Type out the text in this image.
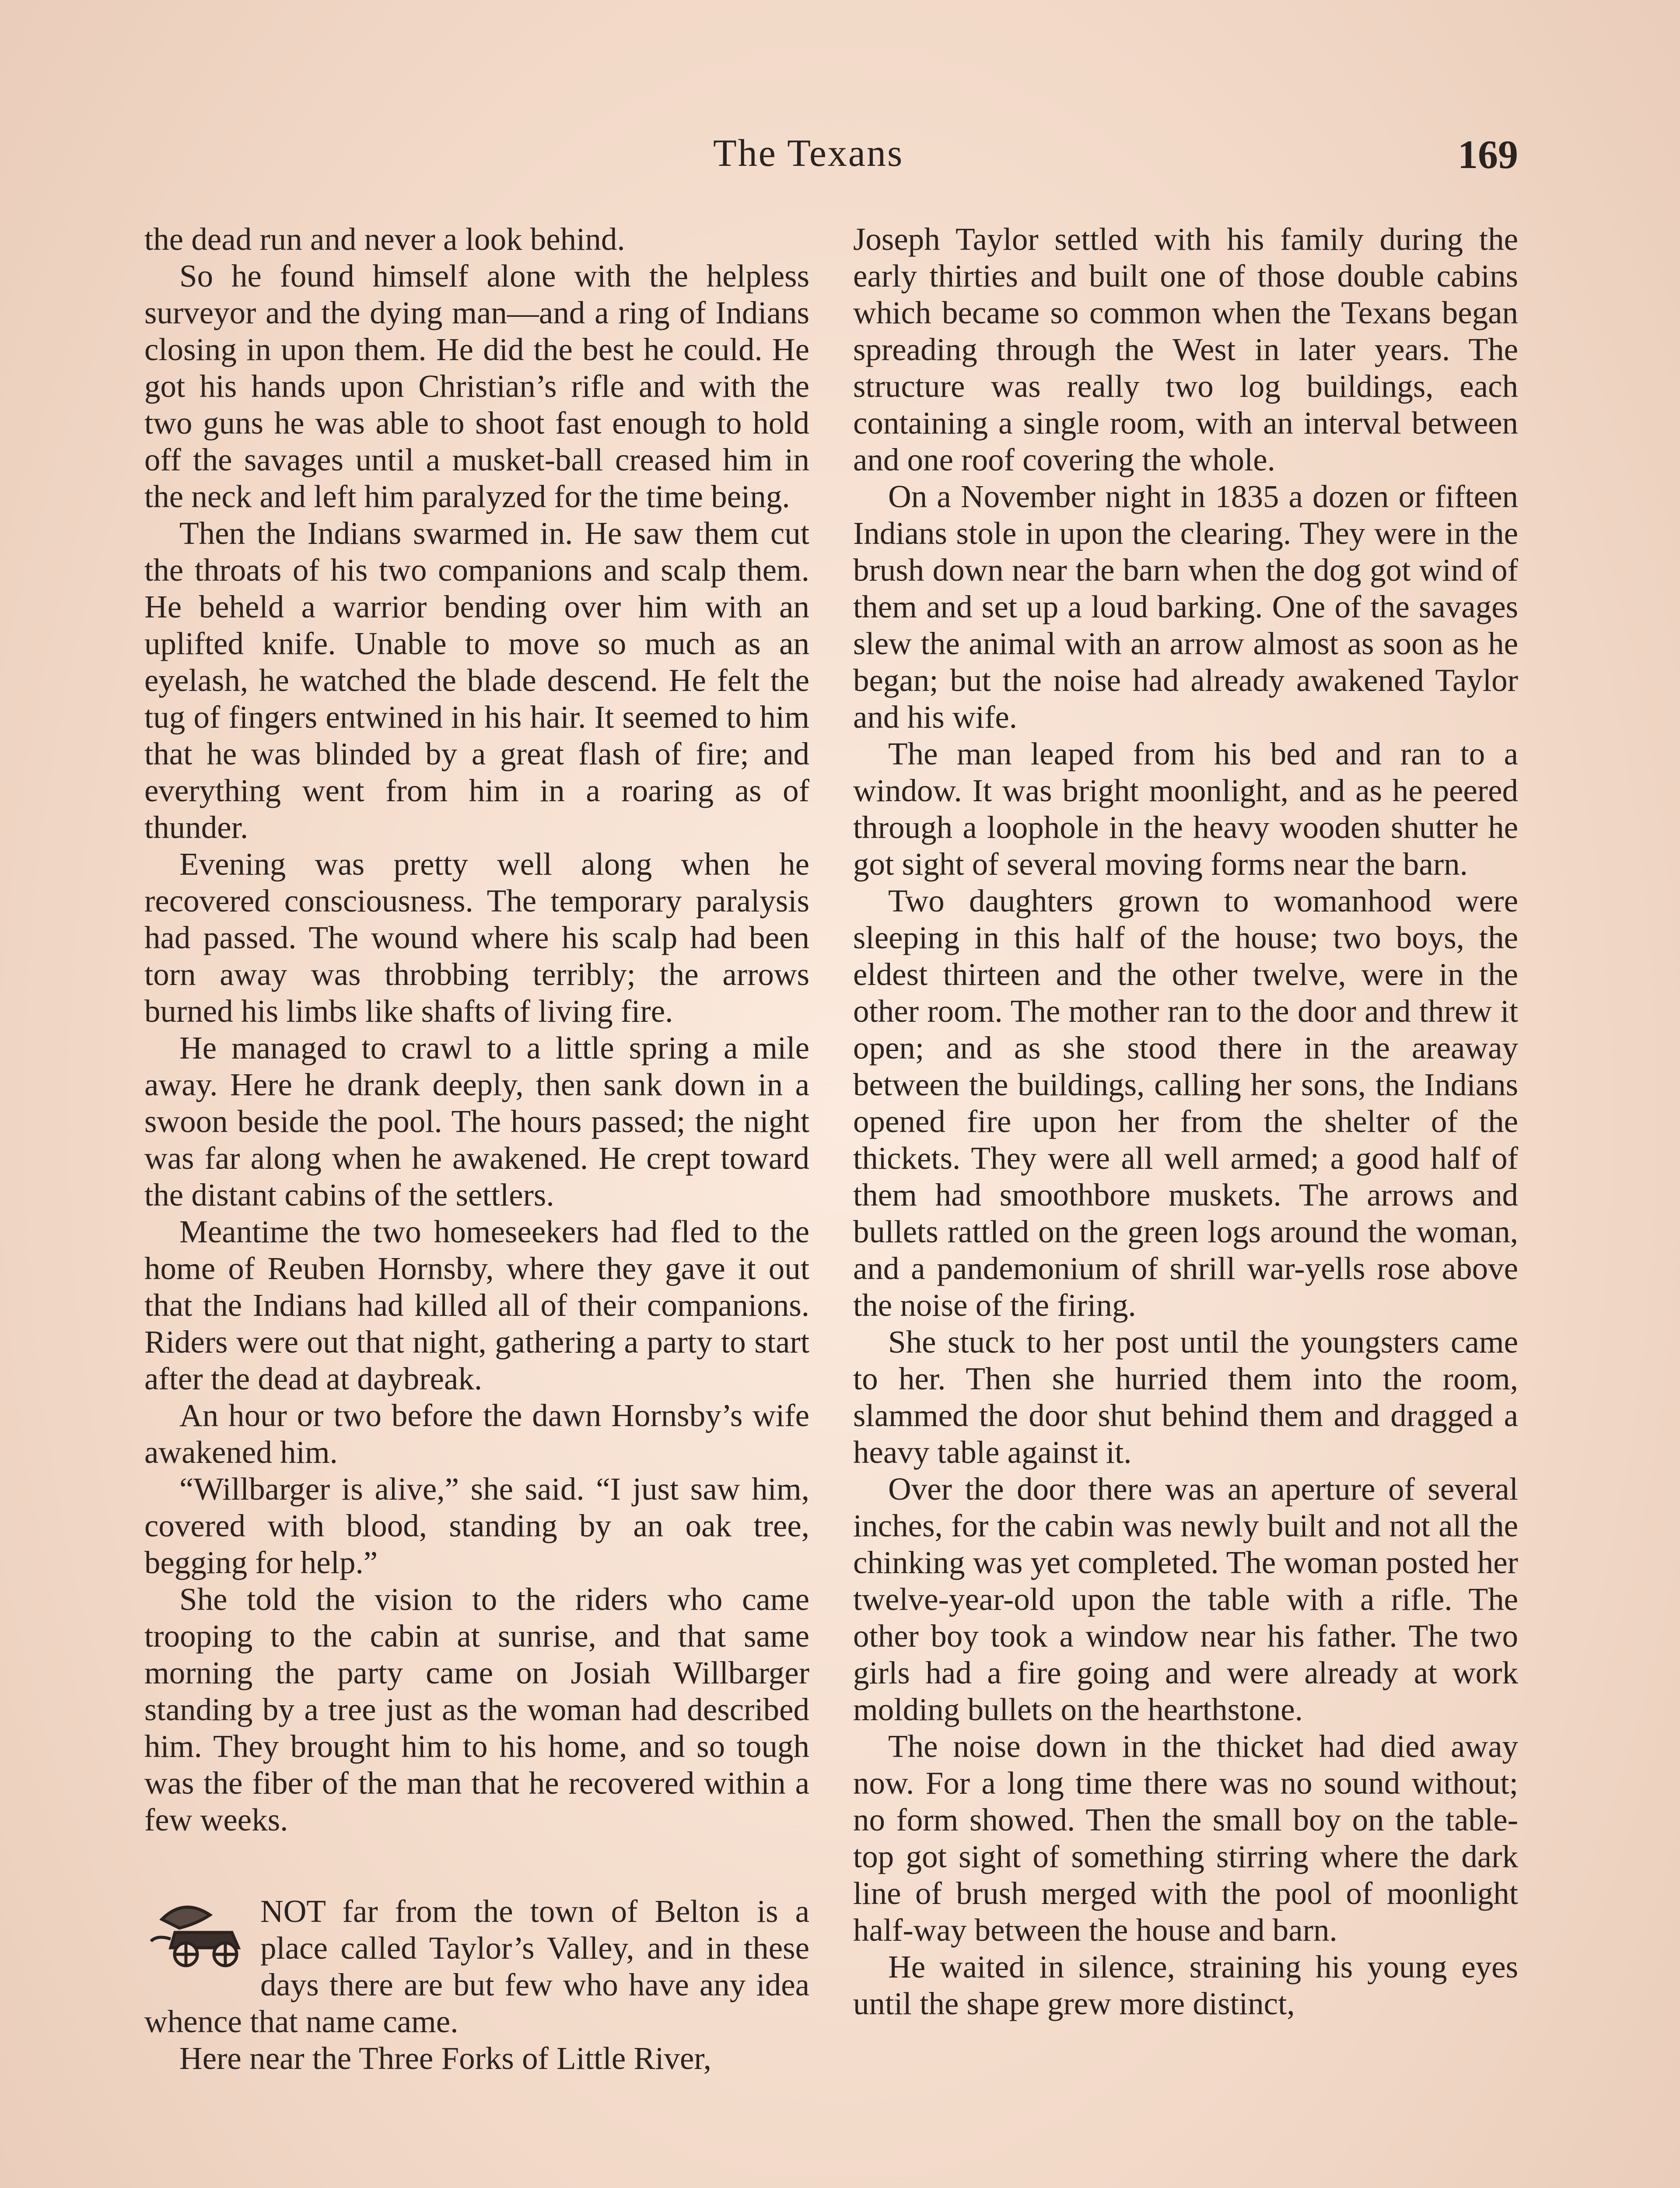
The Texans	169

the dead run and never a look behind.

So he found himself alone with the helpless surveyor and the dying man—and a ring of Indians closing in upon them. He did the best he could. He got his hands upon Christian’s rifle and with the two guns he was able to shoot fast enough to hold off the savages until a musket-ball creased him in the neck and left him paralyzed for the time being.

Then the Indians swarmed in. He saw them cut the throats of his two companions and scalp them. He beheld a warrior bending over him with an uplifted knife. Unable to move so much as an eyelash, he watched the blade descend. He felt the tug of fingers entwined in his hair. It seemed to him that he was blinded by a great flash of fire; and everything went from him in a roaring as of thunder.

Evening was pretty well along when he recovered consciousness. The temporary paralysis had passed. The wound where his scalp had been torn away was throbbing terribly; the arrows burned his limbs like shafts of living fire.

He managed to crawl to a little spring a mile away. Here he drank deeply, then sank down in a swoon beside the pool. The hours passed; the night was far along when he awakened. He crept toward the distant cabins of the settlers.

Meantime the two homeseekers had fled to the home of Reuben Hornsby, where they gave it out that the Indians had killed all of their companions. Riders were out that night, gathering a party to start after the dead at daybreak.

An hour or two before the dawn Hornsby’s wife awakened him.

“Willbarger is alive,” she said. “I just saw him, covered with blood, standing by an oak tree, begging for help.”

She told the vision to the riders who came trooping to the cabin at sunrise, and that same morning the party came on Josiah Willbarger standing by a tree just as the woman had described him. They brought him to his home, and so tough was the fiber of the man that he recovered within a few weeks.

NOT far from the town of Belton is a place called Taylor’s Valley, and in these days there are but few who have any idea whence that name came.

Here near the Three Forks of Little River,

Joseph Taylor settled with his family during the early thirties and built one of those double cabins which became so common when the Texans began spreading through the West in later years. The structure was really two log buildings, each containing a single room, with an interval between and one roof covering the whole.

On a November night in 1835 a dozen or fifteen Indians stole in upon the clearing. They were in the brush down near the barn when the dog got wind of them and set up a loud barking. One of the savages slew the animal with an arrow almost as soon as he began; but the noise had already awakened Taylor and his wife.

The man leaped from his bed and ran to a window. It was bright moonlight, and as he peered through a loophole in the heavy wooden shutter he got sight of several moving forms near the barn.

Two daughters grown to womanhood were sleeping in this half of the house; two boys, the eldest thirteen and the other twelve, were in the other room. The mother ran to the door and threw it open; and as she stood there in the areaway between the buildings, calling her sons, the Indians opened fire upon her from the shelter of the thickets. They were all well armed; a good half of them had smoothbore muskets. The arrows and bullets rattled on the green logs around the woman, and a pandemonium of shrill war-yells rose above the noise of the firing.

She stuck to her post until the youngsters came to her. Then she hurried them into the room, slammed the door shut behind them and dragged a heavy table against it.

Over the door there was an aperture of several inches, for the cabin was newly built and not all the chinking was yet completed. The woman posted her twelve-year-old upon the table with a rifle. The other boy took a window near his father. The two girls had a fire going and were already at work molding bullets on the hearthstone.

The noise down in the thicket had died away now. For a long time there was no sound without; no form showed. Then the small boy on the table-top got sight of something stirring where the dark line of brush merged with the pool of moonlight half-way between the house and barn.

He waited in silence, straining his young eyes until the shape grew more distinct,
